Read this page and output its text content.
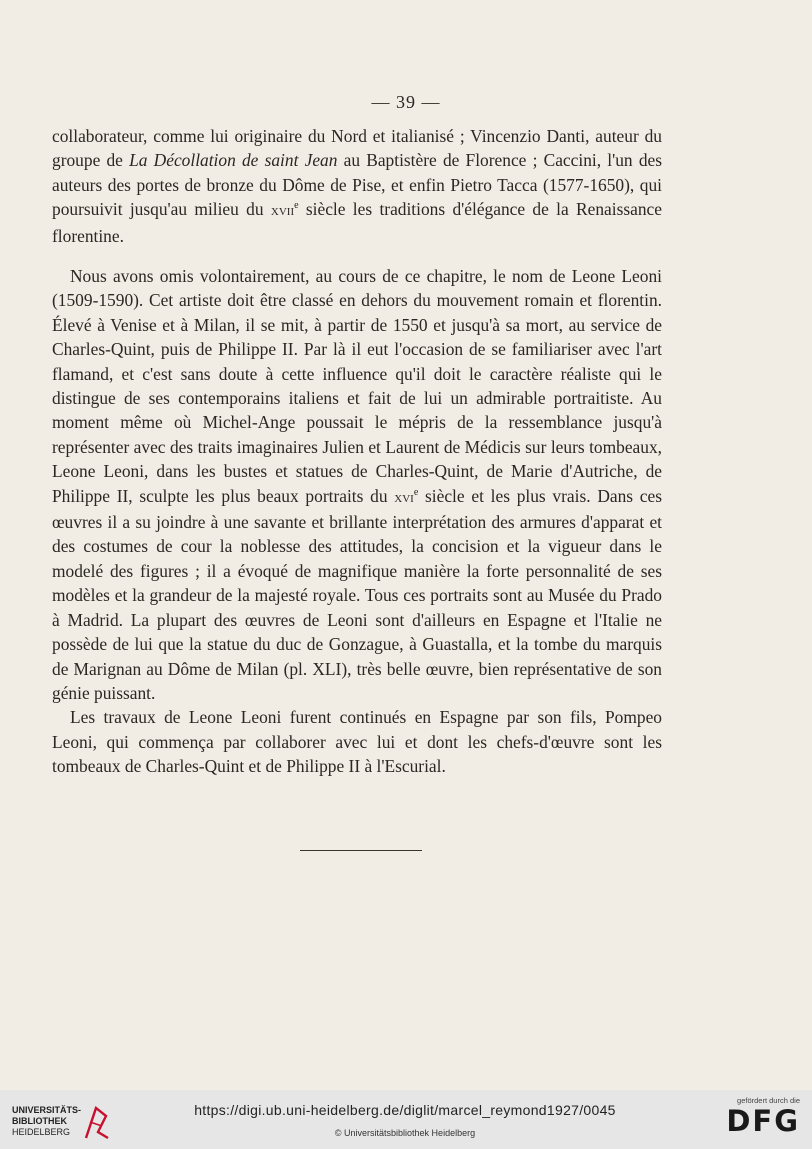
— 39 —

collaborateur, comme lui originaire du Nord et italianisé ; Vincenzio Danti, auteur du groupe de La Décollation de saint Jean au Baptistère de Florence ; Caccini, l'un des auteurs des portes de bronze du Dôme de Pise, et enfin Pietro Tacca (1577-1650), qui poursuivit jusqu'au milieu du xvii$^e$ siècle les traditions d'élégance de la Renaissance florentine.

Nous avons omis volontairement, au cours de ce chapitre, le nom de Leone Leoni (1509-1590). Cet artiste doit être classé en dehors du mouvement romain et florentin. Élevé à Venise et à Milan, il se mit, à partir de 1550 et jusqu'à sa mort, au service de Charles-Quint, puis de Philippe II. Par là il eut l'occasion de se familiariser avec l'art flamand, et c'est sans doute à cette influence qu'il doit le caractère réaliste qui le distingue de ses contemporains italiens et fait de lui un admirable portraitiste. Au moment même où Michel-Ange poussait le mépris de la ressemblance jusqu'à représenter avec des traits imaginaires Julien et Laurent de Médicis sur leurs tombeaux, Leone Leoni, dans les bustes et statues de Charles-Quint, de Marie d'Autriche, de Philippe II, sculpte les plus beaux portraits du xvi$^e$ siècle et les plus vrais. Dans ces œuvres il a su joindre à une savante et brillante interprétation des armures d'apparat et des costumes de cour la noblesse des attitudes, la concision et la vigueur dans le modelé des figures ; il a évoqué de magnifique manière la forte personnalité de ses modèles et la grandeur de la majesté royale. Tous ces portraits sont au Musée du Prado à Madrid. La plupart des œuvres de Leoni sont d'ailleurs en Espagne et l'Italie ne possède de lui que la statue du duc de Gonzague, à Guastalla, et la tombe du marquis de Marignan au Dôme de Milan (pl. XLI), très belle œuvre, bien représentative de son génie puissant.

Les travaux de Leone Leoni furent continués en Espagne par son fils, Pompeo Leoni, qui commença par collaborer avec lui et dont les chefs-d'œuvre sont les tombeaux de Charles-Quint et de Philippe II à l'Escurial.

UNIVERSITÄTS-
BIBLIOTHEK
HEIDELBERG
https://digi.ub.uni-heidelberg.de/diglit/marcel_reymond1927/0045
© Universitätsbibliothek Heidelberg
gefördert durch die
DFG
